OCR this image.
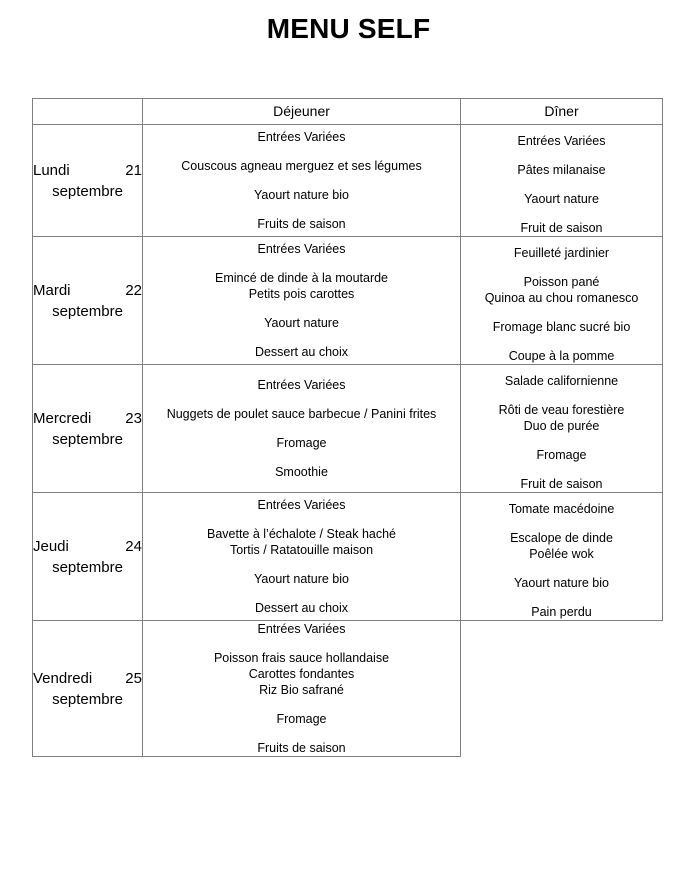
MENU SELF
	Déjeuner	Dîner

Lundi 21
septembre

Entrées Variées
Couscous agneau merguez et ses légumes
Yaourt nature bio
Fruits de saison

Entrées Variées
Pâtes milanaise
Yaourt nature
Fruit de saison

Mardi 22
septembre

Entrées Variées
Emincé de dinde à la moutarde
Petits pois carottes
Yaourt nature
Dessert au choix

Feuilleté jardinier
Poisson pané
Quinoa au chou romanesco
Fromage blanc sucré bio
Coupe à la pomme

Mercredi 23
septembre

Entrées Variées
Nuggets de poulet sauce barbecue / Panini frites
Fromage
Smoothie

Salade californienne
Rôti de veau forestière
Duo de purée
Fromage
Fruit de saison

Jeudi 24
septembre

Entrées Variées
Bavette à l’échalote / Steak haché
Tortis / Ratatouille maison
Yaourt nature bio
Dessert au choix

Tomate macédoine
Escalope de dinde
Poêlée wok
Yaourt nature bio
Pain perdu

Vendredi 25
septembre

Entrées Variées
Poisson frais sauce hollandaise
Carottes fondantes
Riz Bio safrané
Fromage
Fruits de saison
